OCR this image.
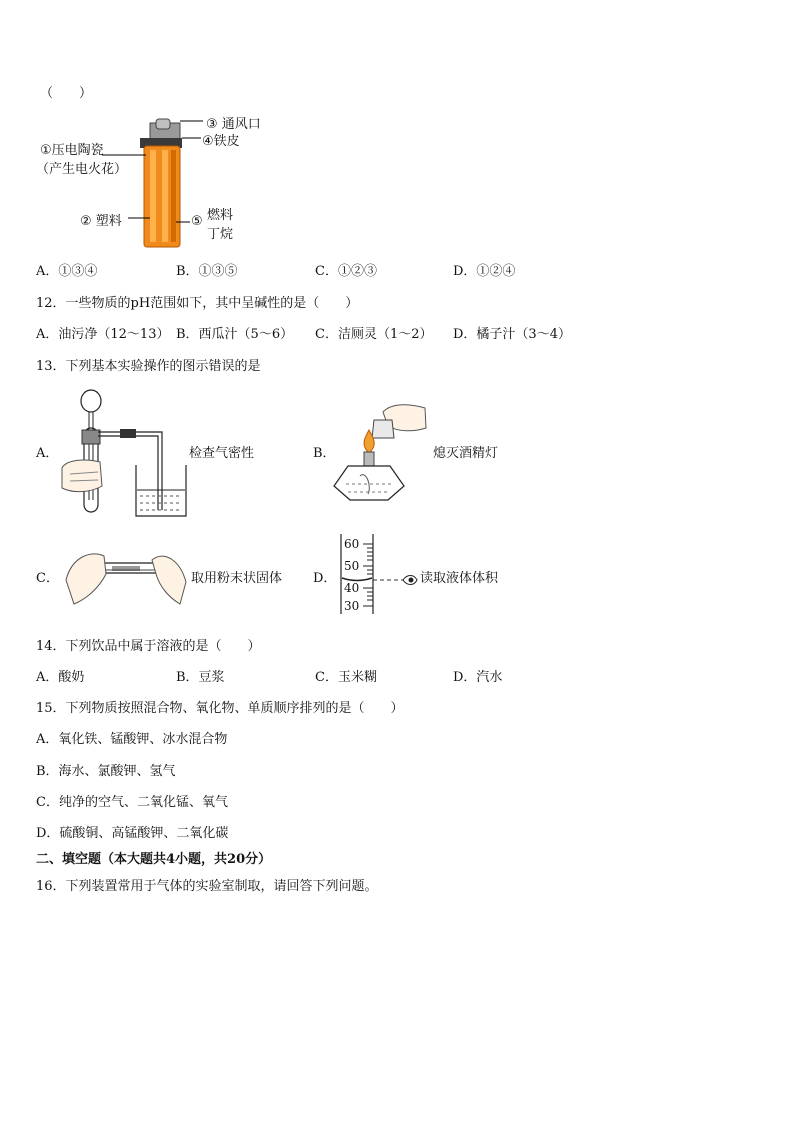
（　　）
③ 通风口
④铁皮
①压电陶瓷
（产生电火花）
② 塑料	燃料
丁烷
⑤
A．①③④	B．①③⑤	C．①②③	D．①②④
12．一些物质的pH范围如下，其中呈碱性的是（　　）
A．油污净（12～13） B．西瓜汁（5～6） C．洁厕灵（1～2） D．橘子汁（3～4）
13．下列基本实验操作的图示错误的是
A．	检查气密性	B．	熄灭酒精灯
C．	取用粉末状固体 D．
60
50
40
30
读取液体体积
14．下列饮品中属于溶液的是（　　）
A．酸奶	B．豆浆	C．玉米糊	D．汽水
15．下列物质按照混合物、氧化物、单质顺序排列的是（　　）
A．氧化铁、锰酸钾、冰水混合物
B．海水、氯酸钾、氢气
C．纯净的空气、二氧化锰、氧气
D．硫酸铜、高锰酸钾、二氧化碳
二、填空题（本大题共4小题，共20分）
16．下列装置常用于气体的实验室制取，请回答下列问题。
